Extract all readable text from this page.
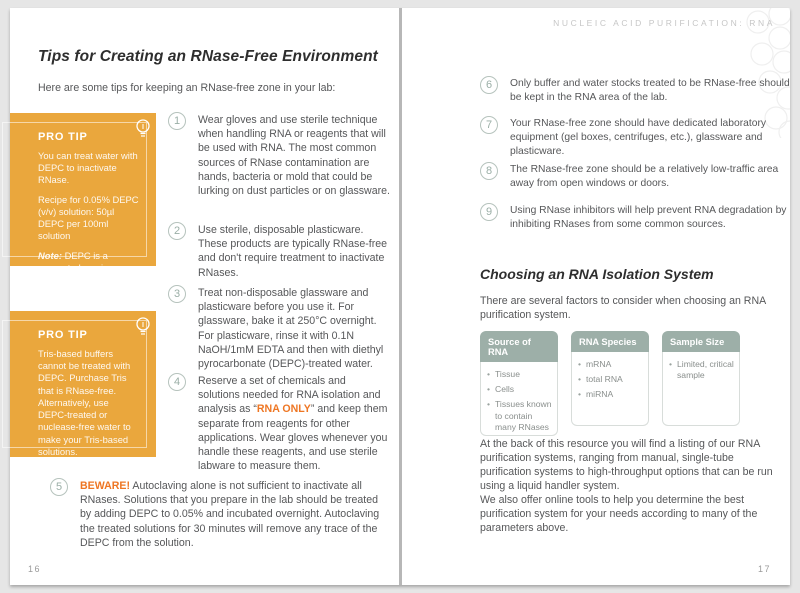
Tips for Creating an RNase-Free Environment
Here are some tips for keeping an RNase-free zone in your lab:
PRO TIP
You can treat water with DEPC to inactivate RNase.
Recipe for 0.05% DEPC (v/v) solution: 50µl DEPC per 100ml solution
Note: DEPC is a suspected carcinogen. Take appropriate precautions.
PRO TIP
Tris-based buffers cannot be treated with DEPC. Purchase Tris that is RNase-free. Alternatively, use DEPC-treated or nuclease-free water to make your Tris-based solutions.
1	Wear gloves and use sterile technique when handling RNA or reagents that will be used with RNA. The most common sources of RNase contamination are hands, bacteria or mold that could be lurking on dust particles or on glassware.
2	Use sterile, disposable plasticware. These products are typically RNase-free and don't require treatment to inactivate RNases.
3	Treat non-disposable glassware and plasticware before you use it. For glassware, bake it at 250°C overnight. For plasticware, rinse it with 0.1N NaOH/1mM EDTA and then with diethyl pyrocarbonate (DEPC)-treated water.
4	Reserve a set of chemicals and solutions needed for RNA isolation and analysis as “RNA ONLY” and keep them separate from reagents for other applications. Wear gloves whenever you handle these reagents, and use sterile labware to measure them.
5	BEWARE! Autoclaving alone is not sufficient to inactivate all RNases. Solutions that you prepare in the lab should be treated by adding DEPC to 0.05% and incubated overnight. Autoclaving the treated solutions for 30 minutes will remove any trace of the DEPC from the solution.
16
NUCLEIC ACID PURIFICATION: RNA
6	Only buffer and water stocks treated to be RNase-free should be kept in the RNA area of the lab.
7	Your RNase-free zone should have dedicated laboratory equipment (gel boxes, centrifuges, etc.), glassware and plasticware.
8	The RNase-free zone should be a relatively low-traffic area away from open windows or doors.
9	Using RNase inhibitors will help prevent RNA degradation by inhibiting RNases from some common sources.
Choosing an RNA Isolation System
There are several factors to consider when choosing an RNA purification system.
Source of RNA
• Tissue
• Cells
• Tissues known to contain many RNases
RNA Species
• mRNA
• total RNA
• miRNA
Sample Size
• Limited, critical sample
At the back of this resource you will find a listing of our RNA purification systems, ranging from manual, single-tube purification systems to high-throughput options that can be run using a liquid handler system.
We also offer online tools to help you determine the best purification system for your needs according to many of the parameters above.
17
